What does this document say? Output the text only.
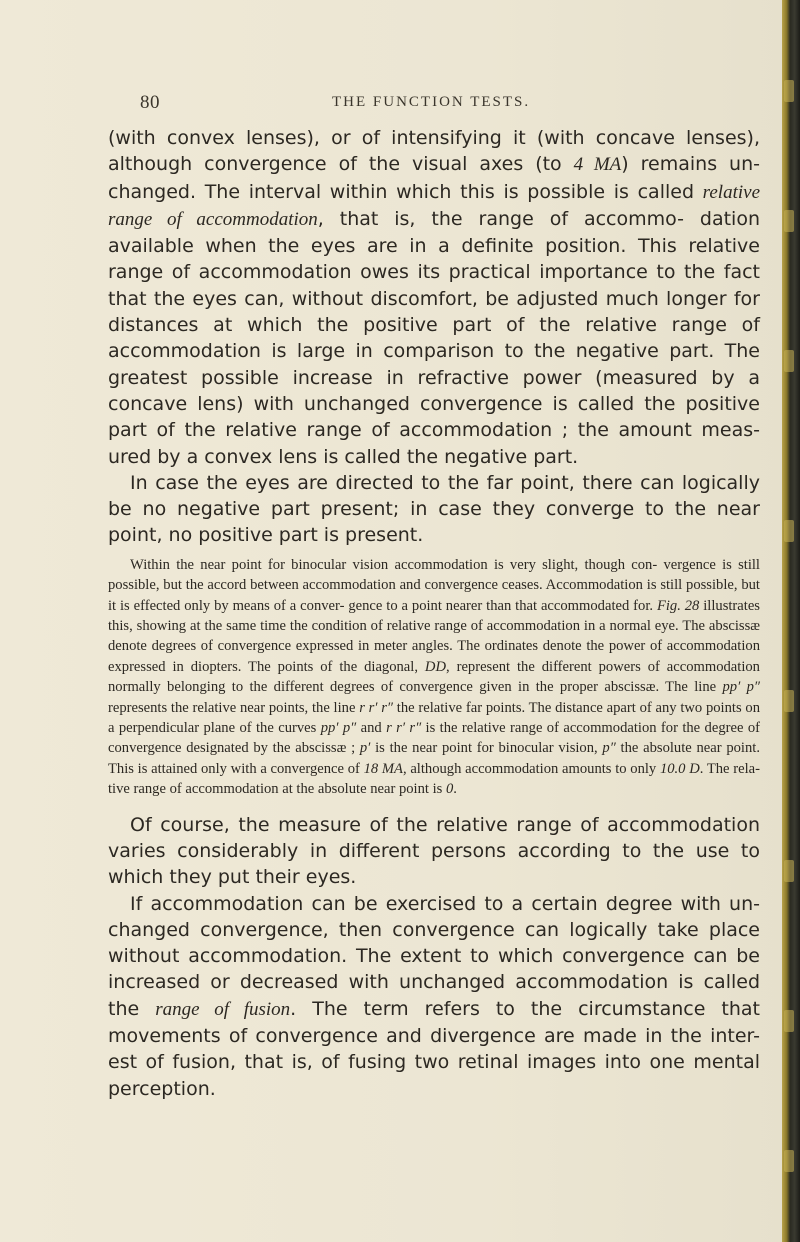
80	THE FUNCTION TESTS.

(with convex lenses), or of intensifying it (with concave lenses), although convergence of the visual axes (to 4 MA) remains un- changed. The interval within which this is possible is called relative range of accommodation, that is, the range of accommo- dation available when the eyes are in a definite position. This relative range of accommodation owes its practical importance to the fact that the eyes can, without discomfort, be adjusted much longer for distances at which the positive part of the relative range of accommodation is large in comparison to the negative part. The greatest possible increase in refractive power (measured by a concave lens) with unchanged convergence is called the positive part of the relative range of accommodation ; the amount meas- ured by a convex lens is called the negative part.

In case the eyes are directed to the far point, there can logically be no negative part present; in case they converge to the near point, no positive part is present.

Within the near point for binocular vision accommodation is very slight, though con- vergence is still possible, but the accord between accommodation and convergence ceases. Accommodation is still possible, but it is effected only by means of a conver- gence to a point nearer than that accommodated for. Fig. 28 illustrates this, showing at the same time the condition of relative range of accommodation in a normal eye. The abscissæ denote degrees of convergence expressed in meter angles. The ordinates denote the power of accommodation expressed in diopters. The points of the diagonal, DD, represent the different powers of accommodation normally belonging to the different degrees of convergence given in the proper abscissæ. The line pp′ p″ represents the relative near points, the line r r′ r″ the relative far points. The distance apart of any two points on a perpendicular plane of the curves pp′ p″ and r r′ r″ is the relative range of accommodation for the degree of convergence designated by the abscissæ ; p′ is the near point for binocular vision, p″ the absolute near point. This is attained only with a convergence of 18 MA, although accommodation amounts to only 10.0 D. The rela- tive range of accommodation at the absolute near point is 0.

Of course, the measure of the relative range of accommodation varies considerably in different persons according to the use to which they put their eyes.

If accommodation can be exercised to a certain degree with un- changed convergence, then convergence can logically take place without accommodation. The extent to which convergence can be increased or decreased with unchanged accommodation is called the range of fusion. The term refers to the circumstance that movements of convergence and divergence are made in the inter- est of fusion, that is, of fusing two retinal images into one mental perception.
